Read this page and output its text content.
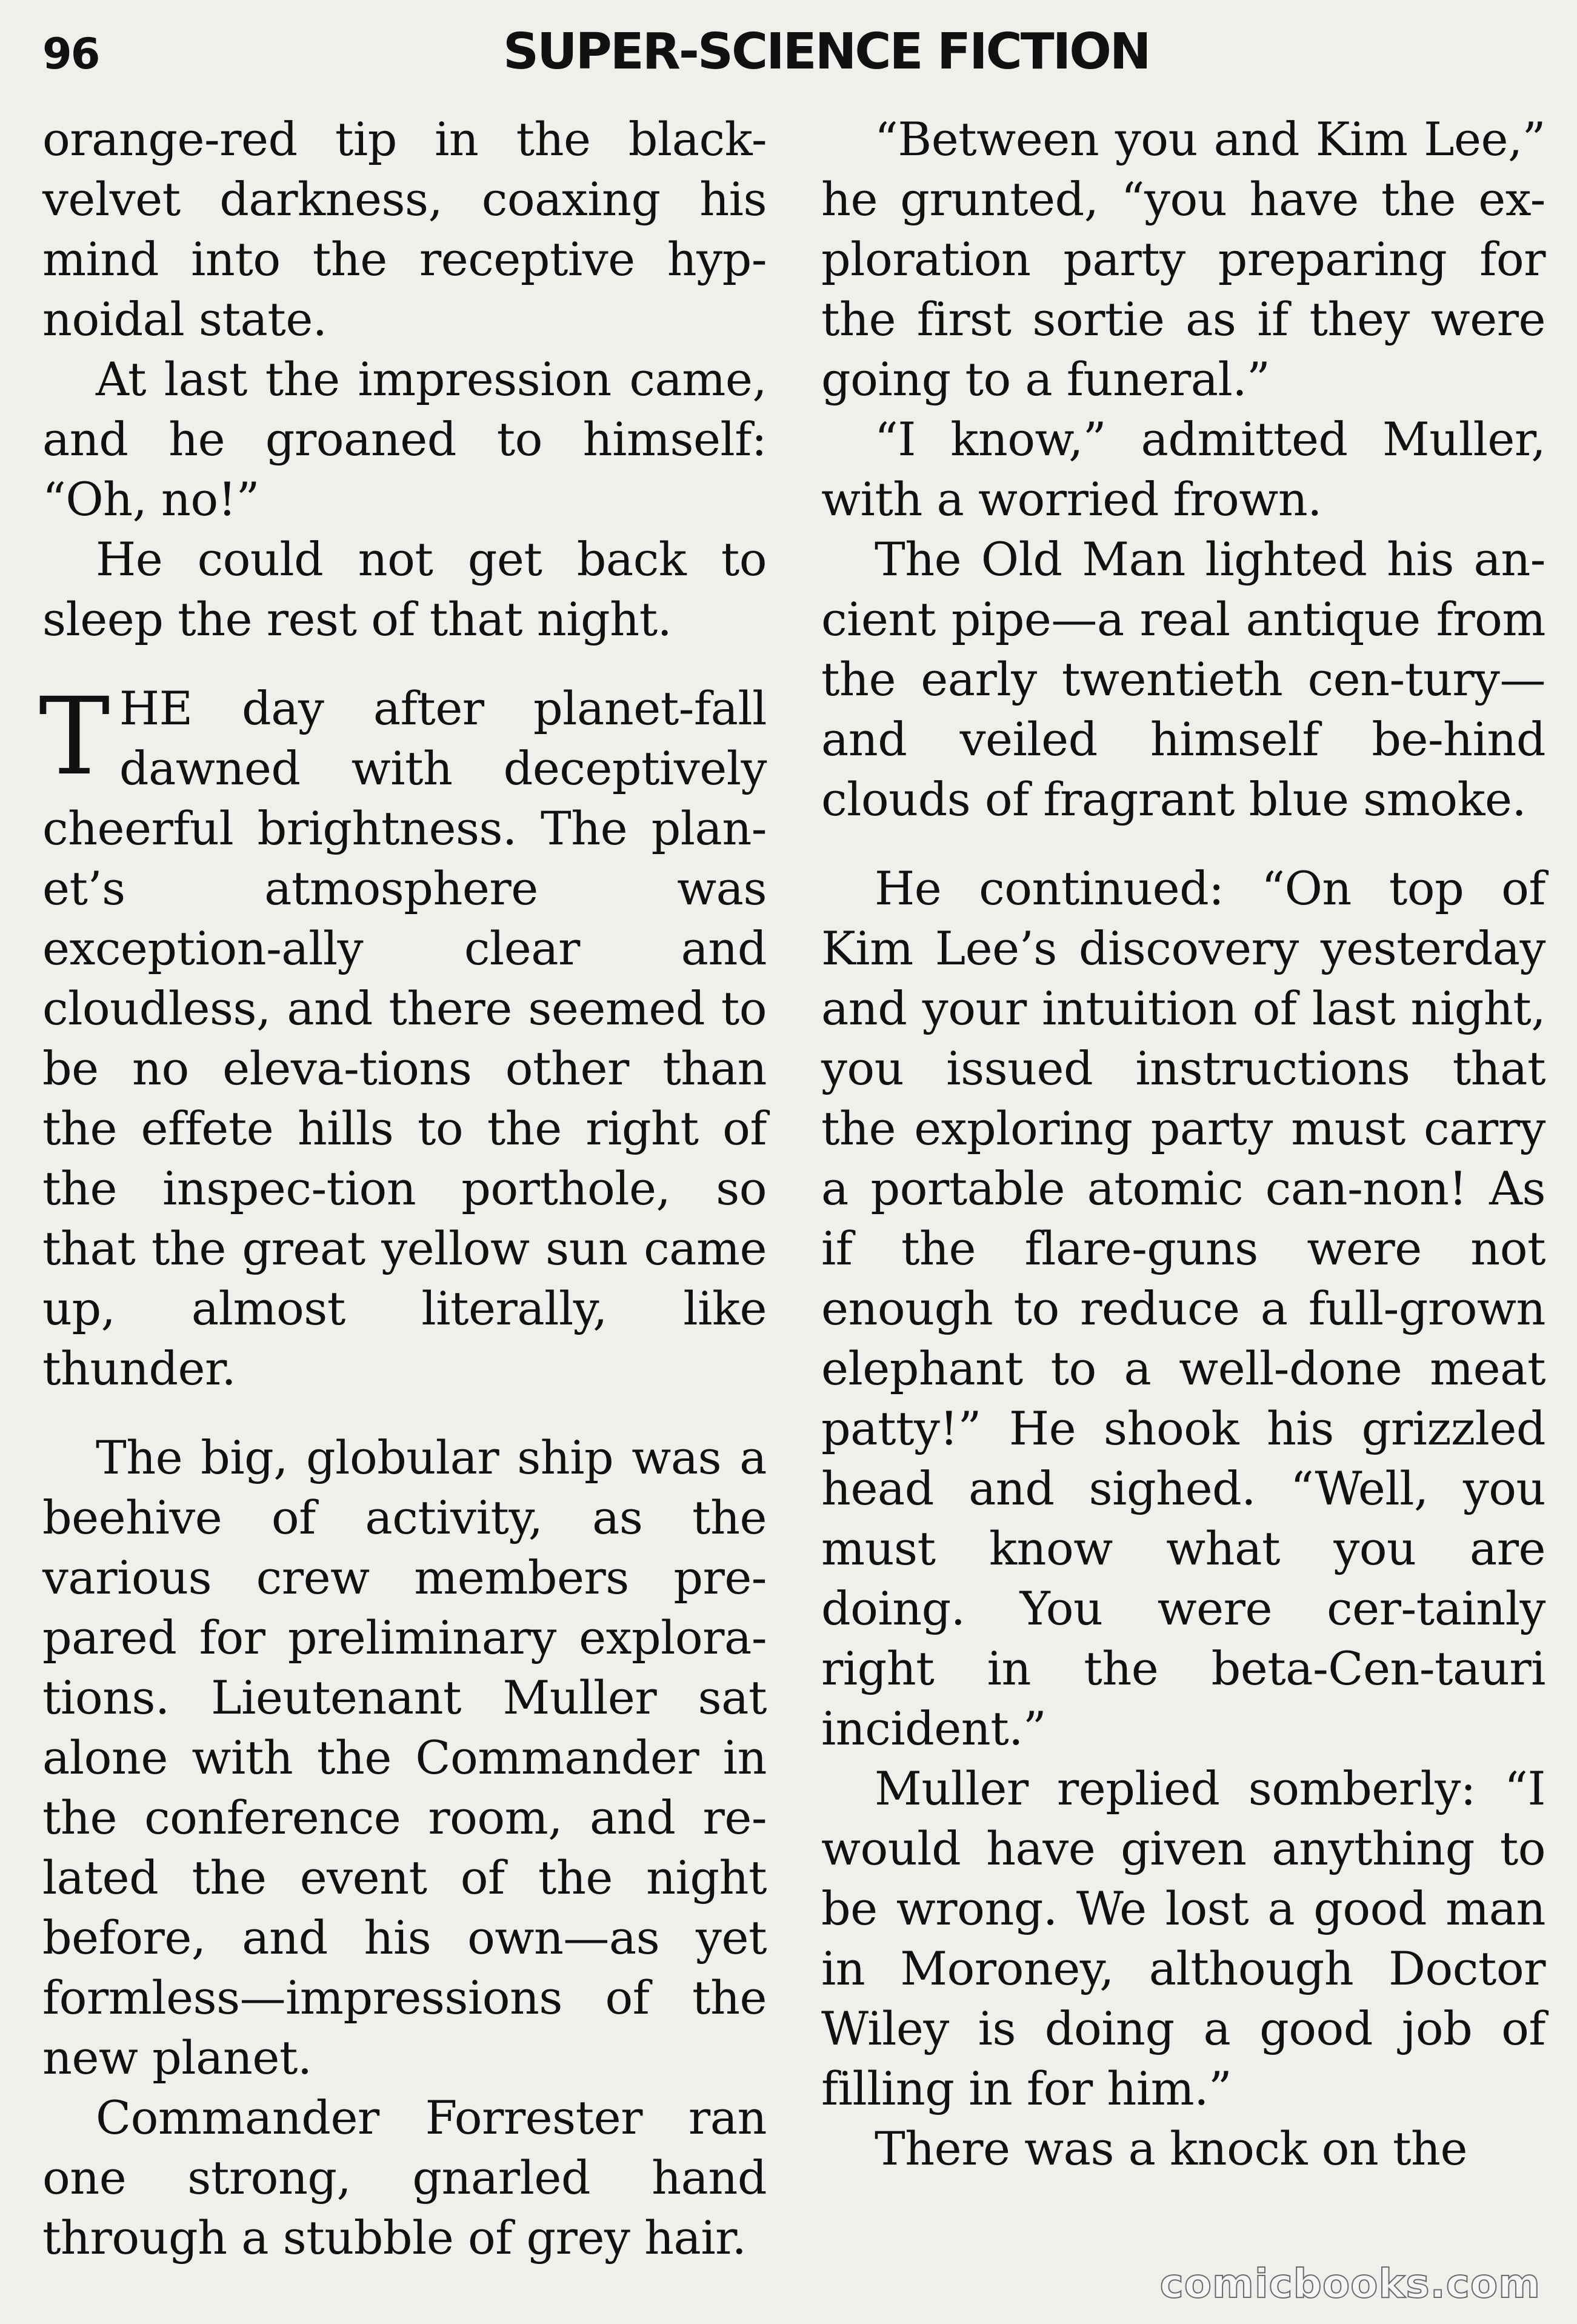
96	SUPER-SCIENCE FICTION

orange-red tip in the black-velvet darkness, coaxing his mind into the receptive hyp-noidal state.

At last the impression came, and he groaned to himself: “Oh, no!”

He could not get back to sleep the rest of that night.

THE day after planet-fall dawned with deceptively cheerful brightness. The plan-et’s atmosphere was exception-ally clear and cloudless, and there seemed to be no eleva-tions other than the effete hills to the right of the inspec-tion porthole, so that the great yellow sun came up, almost literally, like thunder.

The big, globular ship was a beehive of activity, as the various crew members pre-pared for preliminary explora-tions. Lieutenant Muller sat alone with the Commander in the conference room, and re-lated the event of the night before, and his own—as yet formless—impressions of the new planet.

Commander Forrester ran one strong, gnarled hand through a stubble of grey hair.

“Between you and Kim Lee,” he grunted, “you have the ex-ploration party preparing for the first sortie as if they were going to a funeral.”

“I know,” admitted Muller, with a worried frown.

The Old Man lighted his an-cient pipe—a real antique from the early twentieth cen-tury—and veiled himself be-hind clouds of fragrant blue smoke.

He continued: “On top of Kim Lee’s discovery yesterday and your intuition of last night, you issued instructions that the exploring party must carry a portable atomic can-non! As if the flare-guns were not enough to reduce a full-grown elephant to a well-done meat patty!” He shook his grizzled head and sighed. “Well, you must know what you are doing. You were cer-tainly right in the beta-Cen-tauri incident.”

Muller replied somberly: “I would have given anything to be wrong. We lost a good man in Moroney, although Doctor Wiley is doing a good job of filling in for him.”

There was a knock on the

comicbooks.com
